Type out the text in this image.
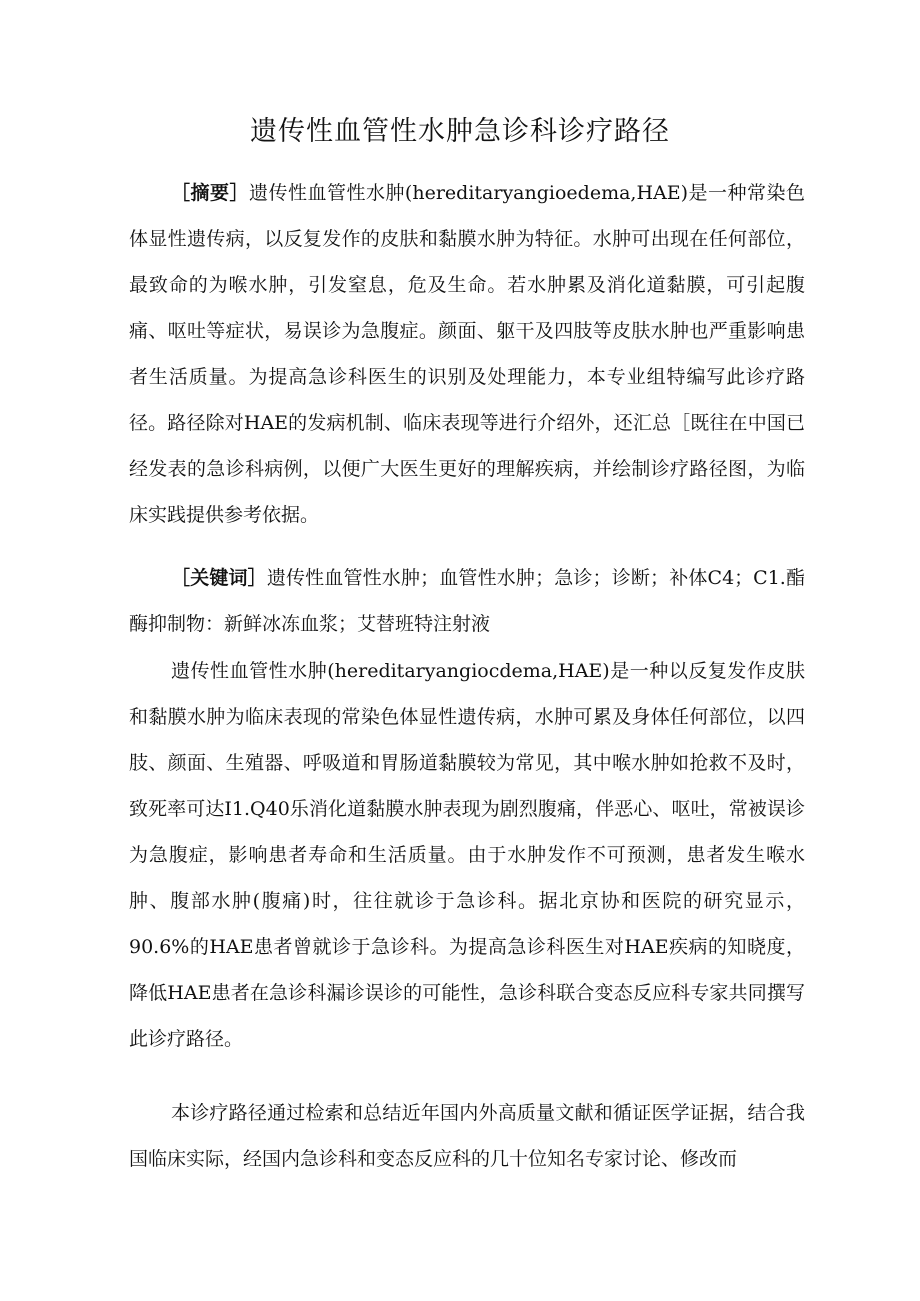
遗传性血管性水肿急诊科诊疗路径
［摘要］遗传性血管性水肿(hereditaryangioedema,HAE)是一种常染色体显性遗传病，以反复发作的皮肤和黏膜水肿为特征。水肿可出现在任何部位，最致命的为喉水肿，引发窒息，危及生命。若水肿累及消化道黏膜，可引起腹痛、呕吐等症状，易误诊为急腹症。颜面、躯干及四肢等皮肤水肿也严重影响患者生活质量。为提高急诊科医生的识别及处理能力，本专业组特编写此诊疗路径。路径除对HAE的发病机制、临床表现等进行介绍外，还汇总［既往在中国已经发表的急诊科病例，以便广大医生更好的理解疾病，并绘制诊疗路径图，为临床实践提供参考依据。
［关键词］遗传性血管性水肿；血管性水肿；急诊；诊断；补体C4；C1.酯酶抑制物：新鲜冰冻血浆；艾替班特注射液
遗传性血管性水肿(hereditaryangiocdema,HAE)是一种以反复发作皮肤和黏膜水肿为临床表现的常染色体显性遗传病，水肿可累及身体任何部位，以四肢、颜面、生殖器、呼吸道和胃肠道黏膜较为常见，其中喉水肿如抢救不及时，致死率可达I1.Q40乐消化道黏膜水肿表现为剧烈腹痛，伴恶心、呕吐，常被误诊为急腹症，影响患者寿命和生活质量。由于水肿发作不可预测，患者发生喉水肿、腹部水肿(腹痛)时，往往就诊于急诊科。据北京协和医院的研究显示，90.6%的HAE患者曾就诊于急诊科。为提高急诊科医生对HAE疾病的知晓度，降低HAE患者在急诊科漏诊误诊的可能性，急诊科联合变态反应科专家共同撰写此诊疗路径。
本诊疗路径通过检索和总结近年国内外高质量文献和循证医学证据，结合我国临床实际，经国内急诊科和变态反应科的几十位知名专家讨论、修改而
